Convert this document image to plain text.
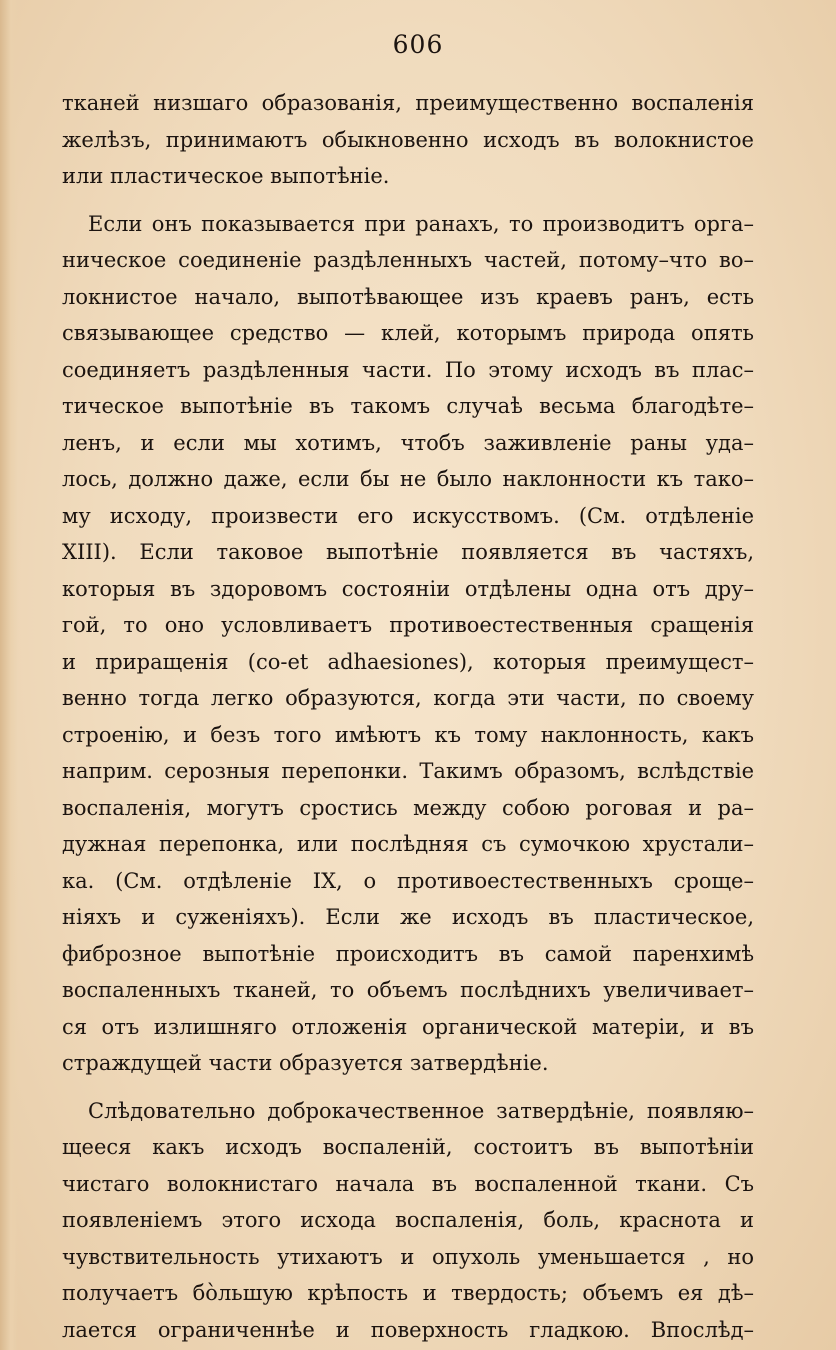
606
тканей низшаго образованія, преимущественно воспаленія
желѣзъ, принимаютъ обыкновенно исходъ въ волокнистое
или пластическое выпотѣніе.
Если онъ показывается при ранахъ, то производитъ орга–
ническое соединеніе раздѣленныхъ частей, потому–что во–
локнистое начало, выпотѣвающее изъ краевъ ранъ, есть
связывающее средство — клей, которымъ природа опять
соединяетъ раздѣленныя части. По этому исходъ въ плас–
тическое выпотѣніе въ такомъ случаѣ весьма благодѣте–
ленъ, и если мы хотимъ, чтобъ заживленіе раны уда–
лось, должно даже, если бы не было наклонности къ тако–
му исходу, произвести его искусствомъ. (См. отдѣленіе
XIII). Если таковое выпотѣніе появляется въ частяхъ,
которыя въ здоровомъ состояніи отдѣлены одна отъ дру–
гой, то оно условливаетъ противоестественныя сращенія
и приращенія (co-et adhaesiones), которыя преимущест–
венно тогда легко образуются, когда эти части, по своему
строенію, и безъ того имѣютъ къ тому наклонность, какъ
наприм. серозныя перепонки. Такимъ образомъ, вслѣдствіе
воспаленія, могутъ сростись между собою роговая и ра–
дужная перепонка, или послѣдняя съ сумочкою хрустали–
ка. (См. отдѣленіе IX, о противоестественныхъ сроще–
ніяхъ и суженіяхъ). Если же исходъ въ пластическое,
фиброзное выпотѣніе происходитъ въ самой паренхимѣ
воспаленныхъ тканей, то объемъ послѣднихъ увеличивает–
ся отъ излишняго отложенія органической матеріи, и въ
страждущей части образуется затвердѣніе.
Слѣдовательно доброкачественное затвердѣніе, появляю–
щееся какъ исходъ воспаленій, состоитъ въ выпотѣніи
чистаго волокнистаго начала въ воспаленной ткани. Съ
появленіемъ этого исхода воспаленія, боль, краснота и
чувствительность утихаютъ и опухоль уменьшается , но
получаетъ бо̀льшую крѣпость и твердость; объемъ ея дѣ–
лается ограниченнѣе и поверхность гладкою. Впослѣд–
